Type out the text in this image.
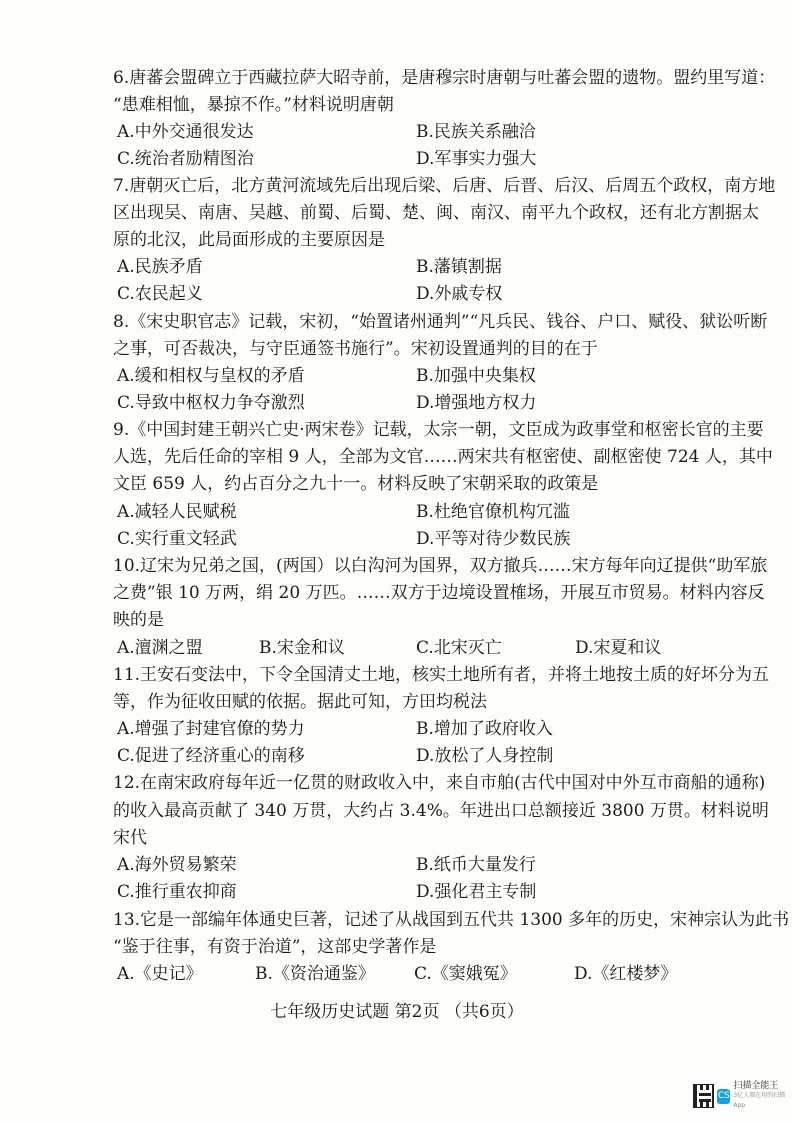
6.唐蕃会盟碑立于西藏拉萨大昭寺前，是唐穆宗时唐朝与吐蕃会盟的遗物。盟约里写道：
“患难相恤，暴掠不作。”材料说明唐朝
A.中外交通很发达	B.民族关系融洽
C.统治者励精图治	D.军事实力强大
7.唐朝灭亡后，北方黄河流域先后出现后梁、后唐、后晋、后汉、后周五个政权，南方地
区出现吴、南唐、吴越、前蜀、后蜀、楚、闽、南汉、南平九个政权，还有北方割据太
原的北汉，此局面形成的主要原因是
A.民族矛盾	B.藩镇割据
C.农民起义	D.外戚专权
8.《宋史职官志》记载，宋初，“始置诸州通判”“凡兵民、钱谷、户口、赋役、狱讼听断
之事，可否裁决，与守臣通签书施行”。宋初设置通判的目的在于
A.缓和相权与皇权的矛盾	B.加强中央集权
C.导致中枢权力争夺激烈	D.增强地方权力
9.《中国封建王朝兴亡史·两宋卷》记载，太宗一朝，文臣成为政事堂和枢密长官的主要
人选，先后任命的宰相 9 人，全部为文官……两宋共有枢密使、副枢密使 724 人，其中
文臣 659 人，约占百分之九十一。材料反映了宋朝采取的政策是
A.减轻人民赋税	B.杜绝官僚机构冗滥
C.实行重文轻武	D.平等对待少数民族
10.辽宋为兄弟之国，(两国）以白沟河为国界，双方撤兵……宋方每年向辽提供“助军旅
之费”银 10 万两，绢 20 万匹。……双方于边境设置榷场，开展互市贸易。材料内容反
映的是
A.澶渊之盟	B.宋金和议	C.北宋灭亡	D.宋夏和议
11.王安石变法中，下令全国清丈土地，核实土地所有者，并将土地按土质的好坏分为五
等，作为征收田赋的依据。据此可知，方田均税法
A.增强了封建官僚的势力	B.增加了政府收入
C.促进了经济重心的南移	D.放松了人身控制
12.在南宋政府每年近一亿贯的财政收入中，来自市舶(古代中国对中外互市商船的通称)
的收入最高贡献了 340 万贯，大约占 3.4%。年进出口总额接近 3800 万贯。材料说明
宋代
A.海外贸易繁荣	B.纸币大量发行
C.推行重农抑商	D.强化君主专制
13.它是一部编年体通史巨著，记述了从战国到五代共 1300 多年的历史，宋神宗认为此书
“鉴于往事，有资于治道”，这部史学著作是
A.《史记》	B.《资治通鉴》 C.《窦娥冤》	D.《红楼梦》
七年级历史试题 第2页 （共6页）
CS
扫描全能王
3亿人都在用的扫描App
